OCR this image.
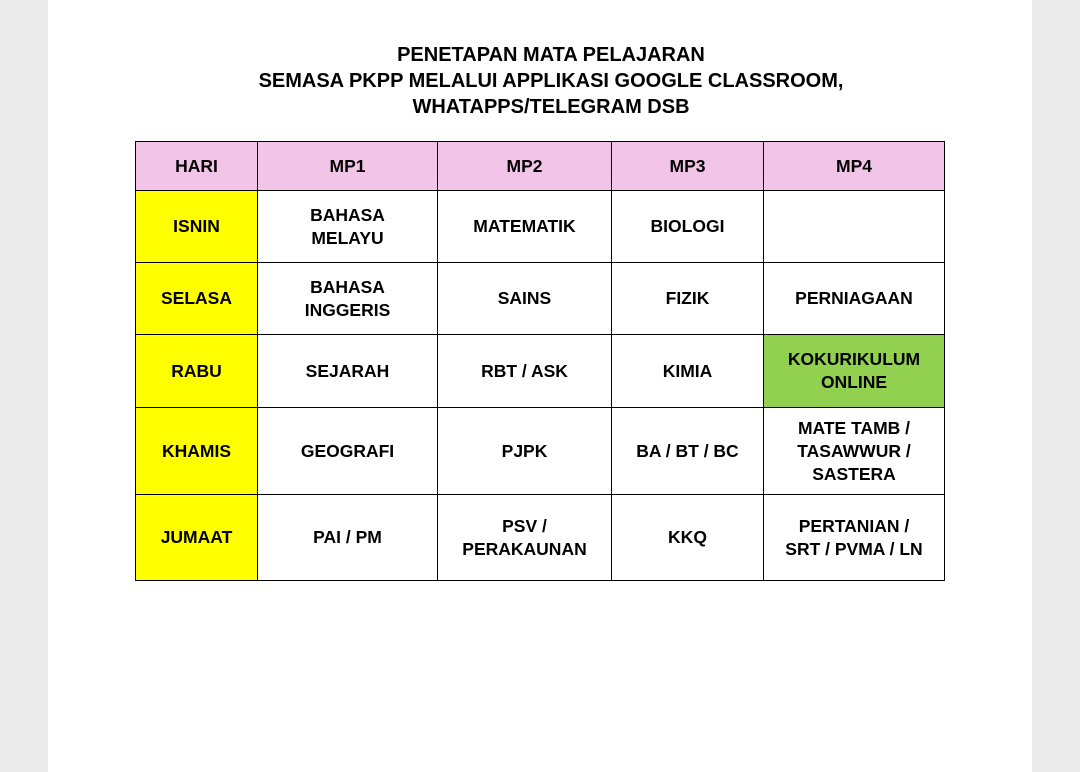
PENETAPAN MATA PELAJARAN
SEMASA PKPP MELALUI APPLIKASI GOOGLE CLASSROOM,
WHATAPPS/TELEGRAM DSB
HARI	MP1	MP2	MP3	MP4
ISNIN	BAHASA
MELAYU	MATEMATIK	BIOLOGI	

SELASA	BAHASA
INGGERIS	SAINS	FIZIK	PERNIAGAAN

RABU	SEJARAH	RBT / ASK	KIMIA	KOKURIKULUM
ONLINE

KHAMIS	GEOGRAFI	PJPK	BA / BT / BC	MATE TAMB /
TASAWWUR /
SASTERA

JUMAAT	PAI / PM	PSV /
PERAKAUNAN	KKQ	PERTANIAN /
SRT / PVMA / LN
